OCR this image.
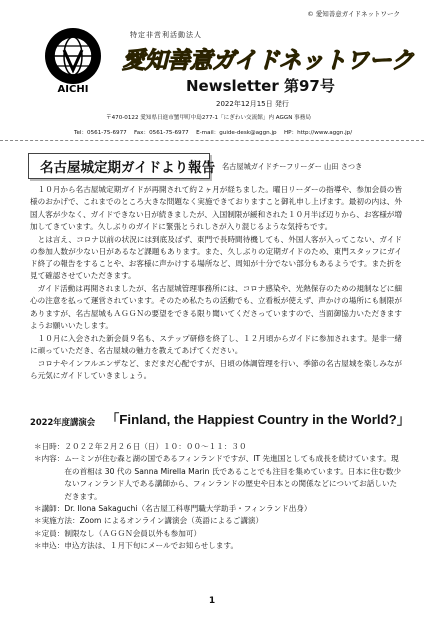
© 愛知善意ガイドネットワーク
AICHI
特定非営利活動法人
愛知善意ガイドネットワーク
Newsletter 第97号
2022年12月15日 発行
〒470-0122 愛知県日進市蟹甲町中島277-1「にぎわい交流館」内 AGGN 事務局
Tel：0561-75-6977 　Fax：0561-75-6977 　E-mail：guide-desk@aggn.jp 　HP：http://www.aggn.jp/
名古屋城定期ガイドより報告 名古屋城ガイドチーフリーダー 山田 さつき

　１０月から名古屋城定期ガイドが再開されて約２ヶ月が経ちました。曜日リーダーの指導や、参加会員の皆様のおかげで、これまでのところ大きな問題なく実施できておりますこと御礼申し上げます。最初の内は、外国人客が少なく、ガイドできない日が続きましたが、入国制限が緩和された１０月半ば辺りから、お客様が増加してきています。久しぶりのガイドに緊張とうれしさが入り混じるような気持ちです。

　とは言え、コロナ以前の状況には到底及ばず、東門で長時間待機しても、外国人客が入ってこない、ガイドの参加人数が少ない日があるなど課題もあります。また、久しぶりの定期ガイドのため、東門スタッフにガイド終了の報告をすることや、お客様に声かけする場所など、周知が十分でない部分もあるようです。また折を見て確認させていただきます。

　ガイド活動は再開されましたが、名古屋城管理事務所には、コロナ感染や、光熱保存のための規制などに細心の注意を払って運営されています。そのため私たちの活動でも、立看板が使えず、声かけの場所にも制限がありますが、名古屋城もＡＧＧＮの要望をできる限り聞いてくださっていますので、当面御協力いただきますようお願いいたします。

　１０月に入会された新会員９名も、ステップ研修を終了し、１２月頃からガイドに参加されます。是非一緒に頑っていただき、名古屋城の魅力を教えてあげてください。

　コロナやインフルエンザなど、まだまだ心配ですが、日頃の体調管理を行い、季節の名古屋城を楽しみながら元気にガイドしていきましょう。

2022年度講演会 「Finland, the Happiest Country in the World?」
＊日時： ２０２２年２月２６日（日）１０：００～１１：３０
＊内容： ムーミンが住む森と湖の国であるフィンランドですが、IT 先進国としても成長を続けています。現在の首相は 30 代の Sanna Mirella Marin 氏であることでも注目を集めています。日本に住む数少ないフィンランド人である講師から、フィンランドの歴史や日本との関係などについてお話しいただきます。
＊講師： Dr. Ilona Sakaguchi（名古屋工科専門職大学助手・フィンランド出身）
＊実施方法： Zoom によるオンライン講演会（英語によるご講演）
＊定員： 制限なし（ＡＧＧＮ会員以外も参加可）
＊申込： 申込方法は、１月下旬にメールでお知らせします。
1
